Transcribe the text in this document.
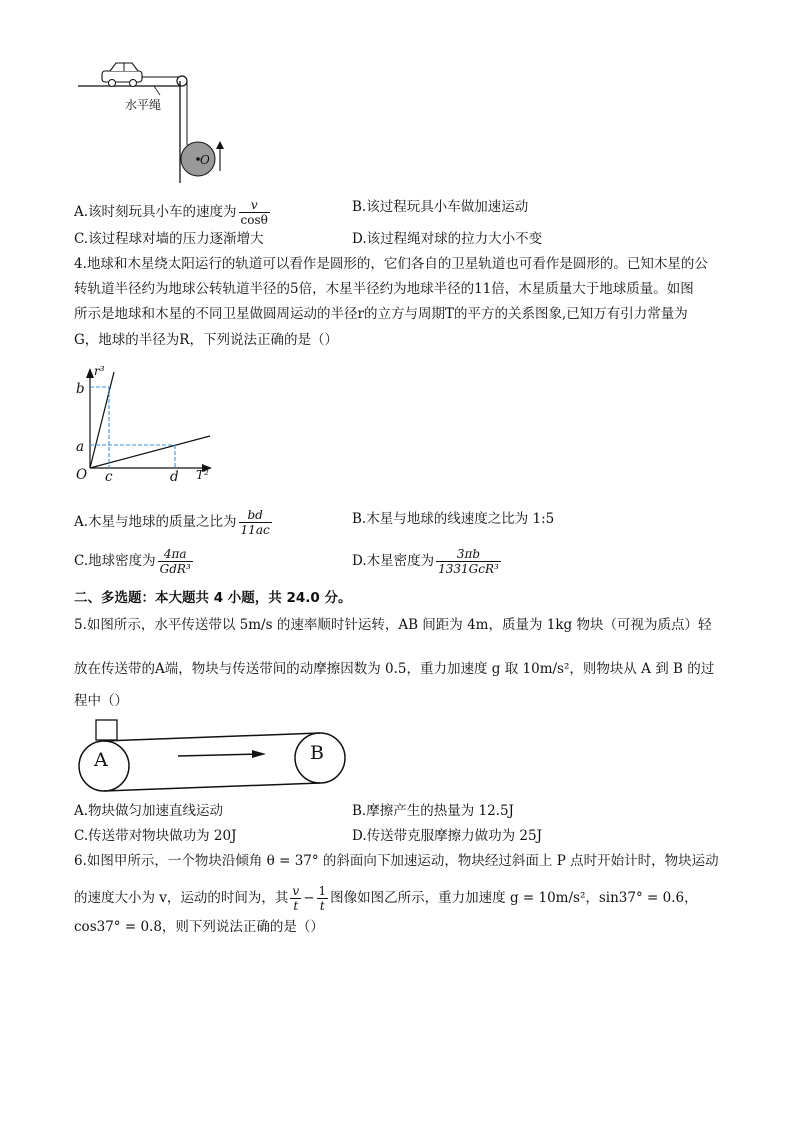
水平绳
O
A.该时刻玩具小车的速度为 $\frac{v}{\cos\theta}$	B.该过程玩具小车做加速运动
C.该过程球对墙的压力逐渐增大	D.该过程绳对球的拉力大小不变
4.地球和木星绕太阳运行的轨道可以看作是圆形的，它们各自的卫星轨道也可看作是圆形的。已知木星的公
转轨道半径约为地球公转轨道半径的5倍，木星半径约为地球半径的11倍，木星质量大于地球质量。如图
所示是地球和木星的不同卫星做圆周运动的半径r的立方与周期T的平方的关系图象,已知万有引力常量为
G，地球的半径为R，下列说法正确的是（）
r³
b
a
O c	d T²
A.木星与地球的质量之比为 $\frac{bd}{11ac}$	B.木星与地球的线速度之比为 1:5
C.地球密度为 $\frac{4\pi a}{\text{GdR³}}$	D.木星密度为 $\frac{3\pi b}{\text{1331GcR³}}$
二、多选题：本大题共 4 小题，共 24.0 分。
5.如图所示，水平传送带以 5m/s 的速率顺时针运转，AB 间距为 4m，质量为 1kg 物块（可视为质点）轻
放在传送带的A端，物块与传送带间的动摩擦因数为 0.5，重力加速度 g 取 10m/s²，则物块从 A 到 B 的过
程中（）
A	B
A.物块做匀加速直线运动	B.摩擦产生的热量为 12.5J
C.传送带对物块做功为 20J	D.传送带克服摩擦力做功为 25J
6.如图甲所示，一个物块沿倾角 θ = 37° 的斜面向下加速运动，物块经过斜面上 P 点时开始计时，物块运动
的速度大小为 v，运动的时间为，其 $\frac{v}{t} - \frac{1}{t}$ 图像如图乙所示，重力加速度 g = 10m/s²，sin37° = 0.6，
cos37° = 0.8，则下列说法正确的是（）
